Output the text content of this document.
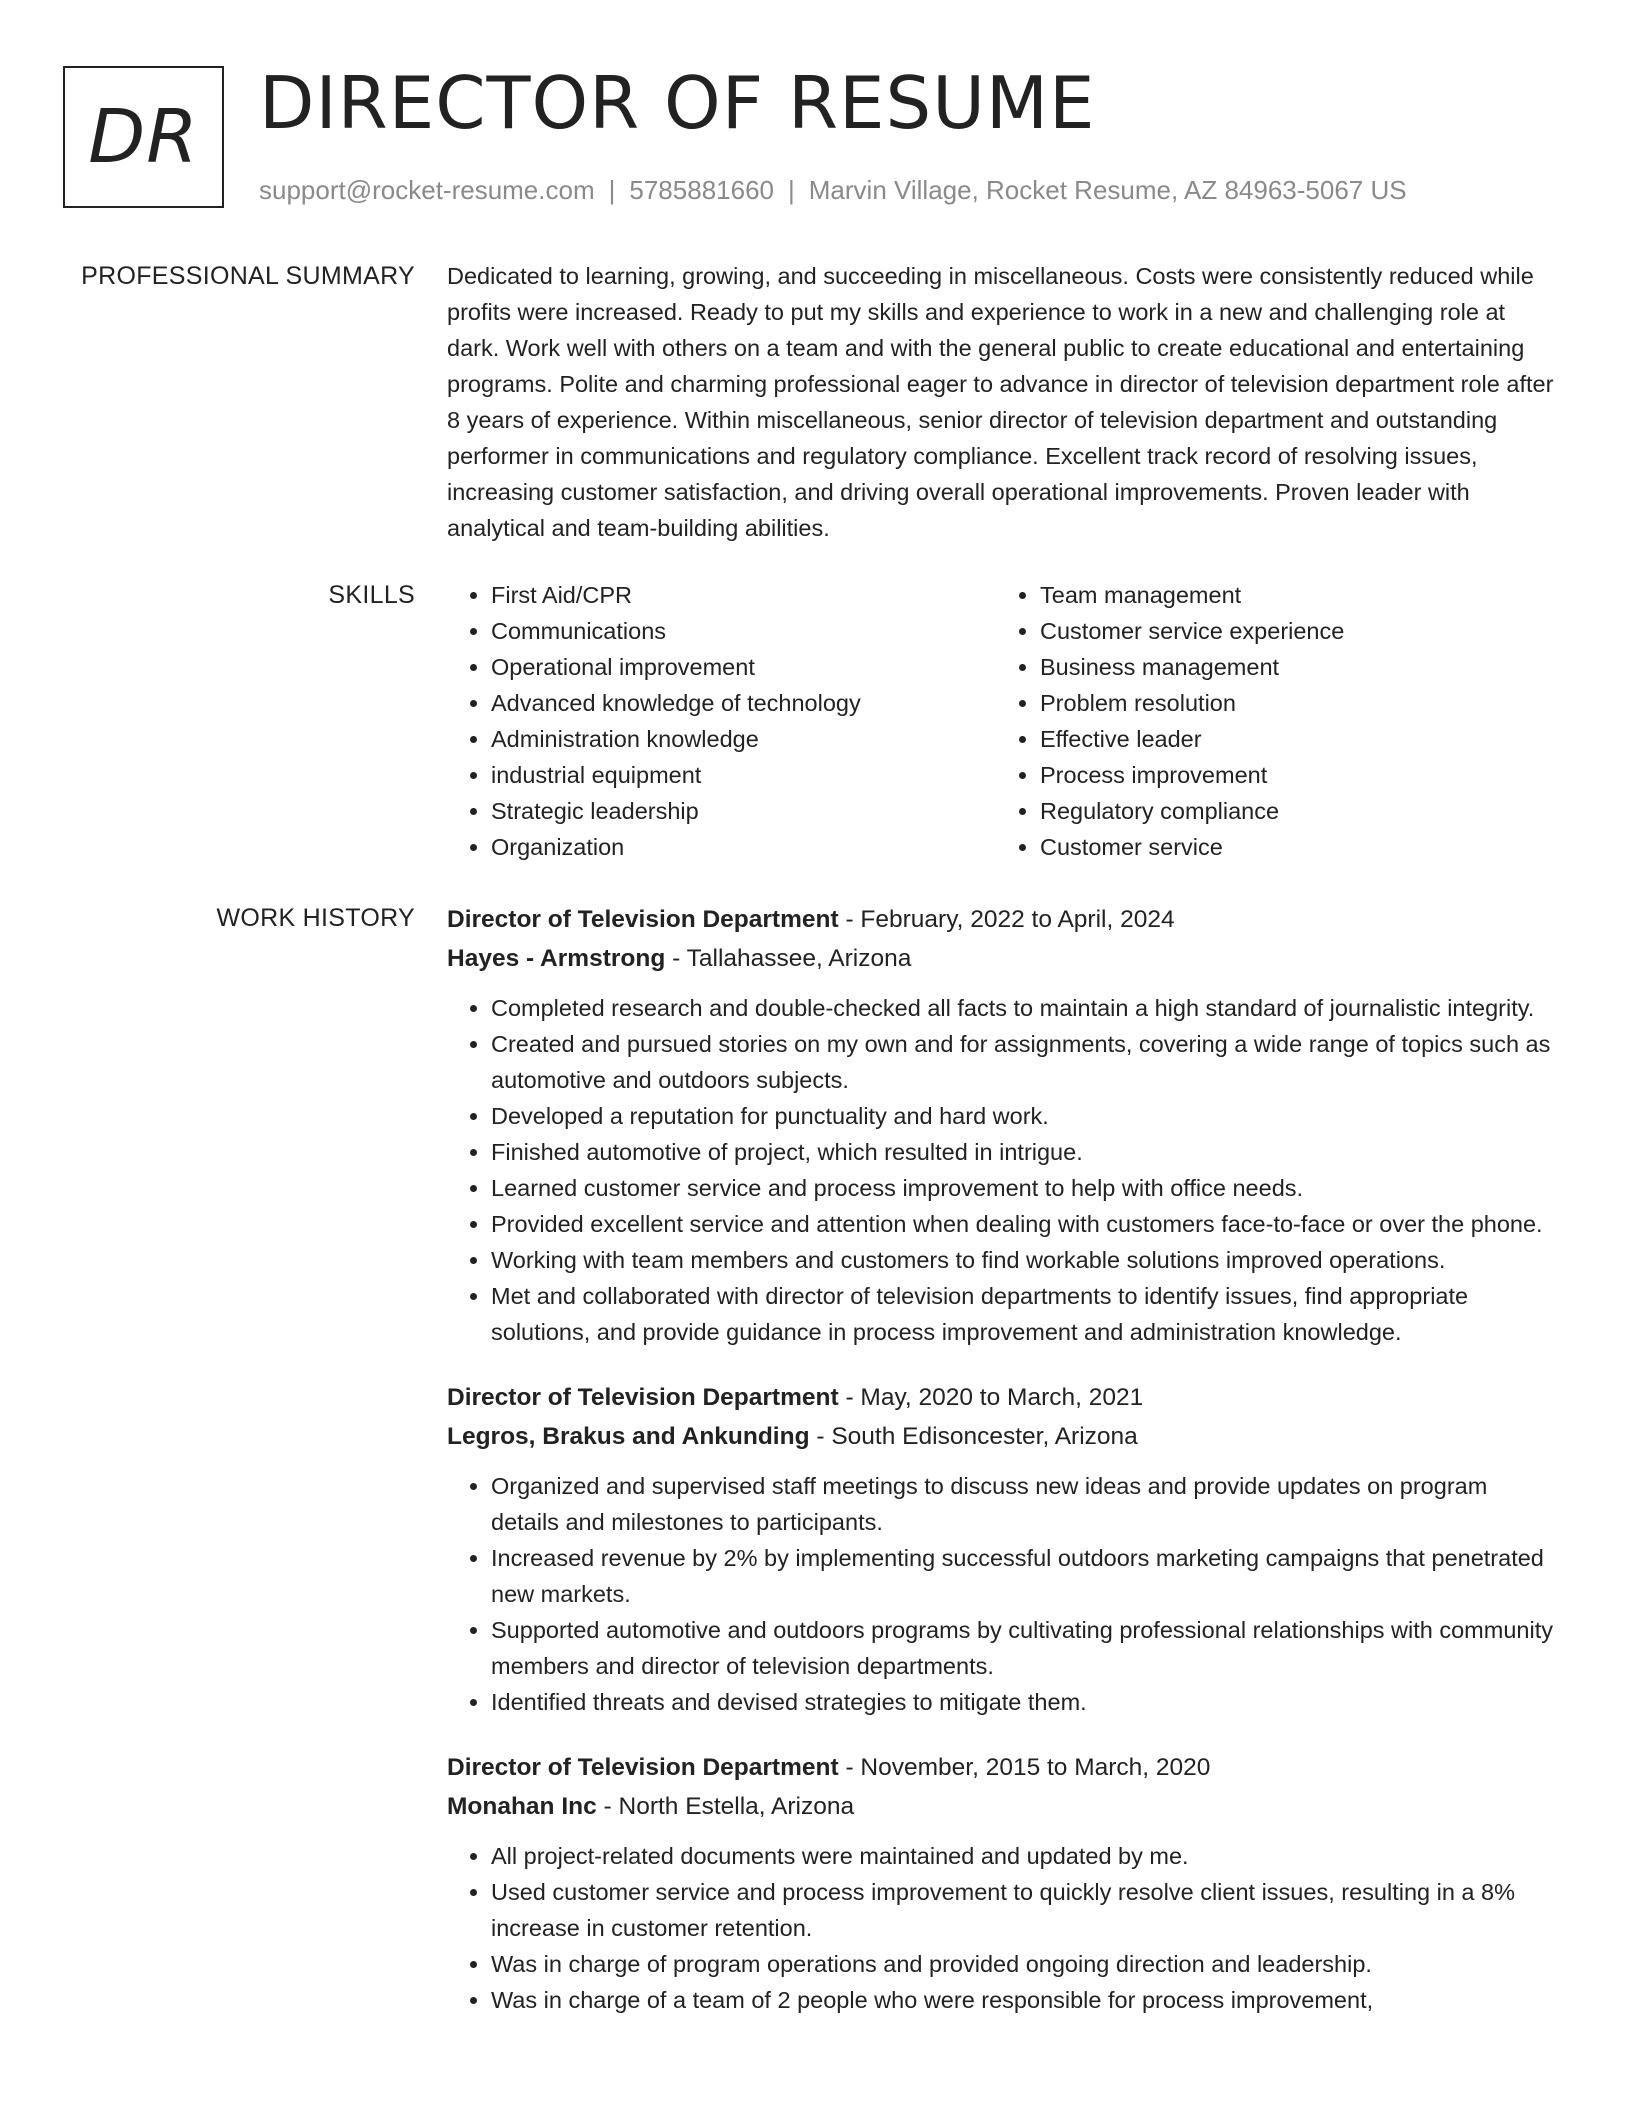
DR DIRECTOR OF RESUME
support@rocket-resume.com | 5785881660 | Marvin Village, Rocket Resume, AZ 84963-5067 US
PROFESSIONAL SUMMARY Dedicated to learning, growing, and succeeding in miscellaneous. Costs were consistently reduced while profits were increased. Ready to put my skills and experience to work in a new and challenging role at dark. Work well with others on a team and with the general public to create educational and entertaining programs. Polite and charming professional eager to advance in director of television department role after 8 years of experience. Within miscellaneous, senior director of television department and outstanding performer in communications and regulatory compliance. Excellent track record of resolving issues, increasing customer satisfaction, and driving overall operational improvements. Proven leader with analytical and team-building abilities.

SKILLS
•	First Aid/CPR
• Communications
• Operational improvement
• Advanced knowledge of technology
• Administration knowledge
• industrial equipment
• Strategic leadership
• Organization
• Team management
• Customer service experience
• Business management
• Problem resolution
• Effective leader
• Process improvement
• Regulatory compliance
• Customer service
WORK HISTORY Director of Television Department - February, 2022 to April, 2024
Hayes - Armstrong - Tallahassee, Arizona
• Completed research and double-checked all facts to maintain a high standard of journalistic integrity.
• Created and pursued stories on my own and for assignments, covering a wide range of topics such as automotive and outdoors subjects.
• Developed a reputation for punctuality and hard work.
• Finished automotive of project, which resulted in intrigue.
• Learned customer service and process improvement to help with office needs.
• Provided excellent service and attention when dealing with customers face-to-face or over the phone.
• Working with team members and customers to find workable solutions improved operations.
• Met and collaborated with director of television departments to identify issues, find appropriate solutions, and provide guidance in process improvement and administration knowledge.
Director of Television Department - May, 2020 to March, 2021
Legros, Brakus and Ankunding - South Edisoncester, Arizona
• Organized and supervised staff meetings to discuss new ideas and provide updates on program details and milestones to participants.
• Increased revenue by 2% by implementing successful outdoors marketing campaigns that penetrated new markets.
• Supported automotive and outdoors programs by cultivating professional relationships with community members and director of television departments.
• Identified threats and devised strategies to mitigate them.
Director of Television Department - November, 2015 to March, 2020
Monahan Inc - North Estella, Arizona
• All project-related documents were maintained and updated by me.
• Used customer service and process improvement to quickly resolve client issues, resulting in a 8% increase in customer retention.
• Was in charge of program operations and provided ongoing direction and leadership.
• Was in charge of a team of 2 people who were responsible for process improvement,
